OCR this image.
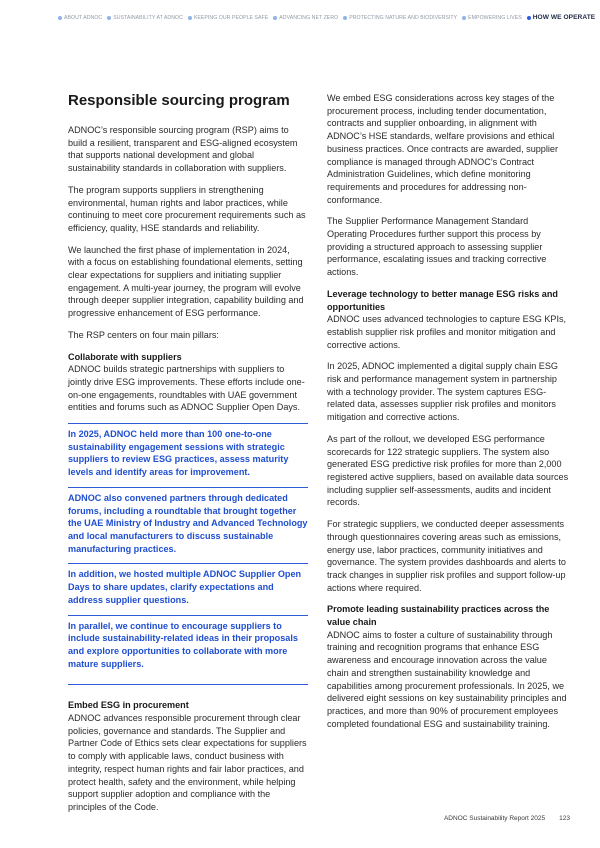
ABOUT ADNOC SUSTAINABILITY AT ADNOC KEEPING OUR PEOPLE SAFE ADVANCING NET ZERO PROTECTING NATURE AND BIODIVERSITY EMPOWERING LIVES HOW WE OPERATE
Responsible sourcing program

ADNOC’s responsible sourcing program (RSP) aims to build a resilient, transparent and ESG-aligned ecosystem that supports national development and global sustainability standards in collaboration with suppliers.

The program supports suppliers in strengthening environmental, human rights and labor practices, while continuing to meet core procurement requirements such as efficiency, quality, HSE standards and reliability.

We launched the first phase of implementation in 2024, with a focus on establishing foundational elements, setting clear expectations for suppliers and initiating supplier engagement. A multi-year journey, the program will evolve through deeper supplier integration, capability building and progressive enhancement of ESG performance.

The RSP centers on four main pillars:

Collaborate with suppliers

ADNOC builds strategic partnerships with suppliers to jointly drive ESG improvements. These efforts include one-on-one engagements, roundtables with UAE government entities and forums such as ADNOC Supplier Open Days.

In 2025, ADNOC held more than 100 one-to-one sustainability engagement sessions with strategic suppliers to review ESG practices, assess maturity levels and identify areas for improvement.
ADNOC also convened partners through dedicated forums, including a roundtable that brought together the UAE Ministry of Industry and Advanced Technology and local manufacturers to discuss sustainable manufacturing practices.
In addition, we hosted multiple ADNOC Supplier Open Days to share updates, clarify expectations and address supplier questions.
In parallel, we continue to encourage suppliers to include sustainability-related ideas in their proposals and explore opportunities to collaborate with more mature suppliers.
Embed ESG in procurement

ADNOC advances responsible procurement through clear policies, governance and standards. The Supplier and Partner Code of Ethics sets clear expectations for suppliers to comply with applicable laws, conduct business with integrity, respect human rights and fair labor practices, and protect health, safety and the environment, while helping support supplier adoption and compliance with the principles of the Code.

We embed ESG considerations across key stages of the procurement process, including tender documentation, contracts and supplier onboarding, in alignment with ADNOC’s HSE standards, welfare provisions and ethical business practices. Once contracts are awarded, supplier compliance is managed through ADNOC’s Contract Administration Guidelines, which define monitoring requirements and procedures for addressing non-conformance.

The Supplier Performance Management Standard Operating Procedures further support this process by providing a structured approach to assessing supplier performance, escalating issues and tracking corrective actions.

Leverage technology to better manage ESG risks and opportunities

ADNOC uses advanced technologies to capture ESG KPIs, establish supplier risk profiles and monitor mitigation and corrective actions.

In 2025, ADNOC implemented a digital supply chain ESG risk and performance management system in partnership with a technology provider. The system captures ESG-related data, assesses supplier risk profiles and monitors mitigation and corrective actions.

As part of the rollout, we developed ESG performance scorecards for 122 strategic suppliers. The system also generated ESG predictive risk profiles for more than 2,000 registered active suppliers, based on available data sources including supplier self-assessments, audits and incident records.

For strategic suppliers, we conducted deeper assessments through questionnaires covering areas such as emissions, energy use, labor practices, community initiatives and governance. The system provides dashboards and alerts to track changes in supplier risk profiles and support follow-up actions where required.

Promote leading sustainability practices across the value chain

ADNOC aims to foster a culture of sustainability through training and recognition programs that enhance ESG awareness and encourage innovation across the value chain and strengthen sustainability knowledge and capabilities among procurement professionals. In 2025, we delivered eight sessions on key sustainability principles and practices, and more than 90% of procurement employees completed foundational ESG and sustainability training.

ADNOC Sustainability Report 2025 123
